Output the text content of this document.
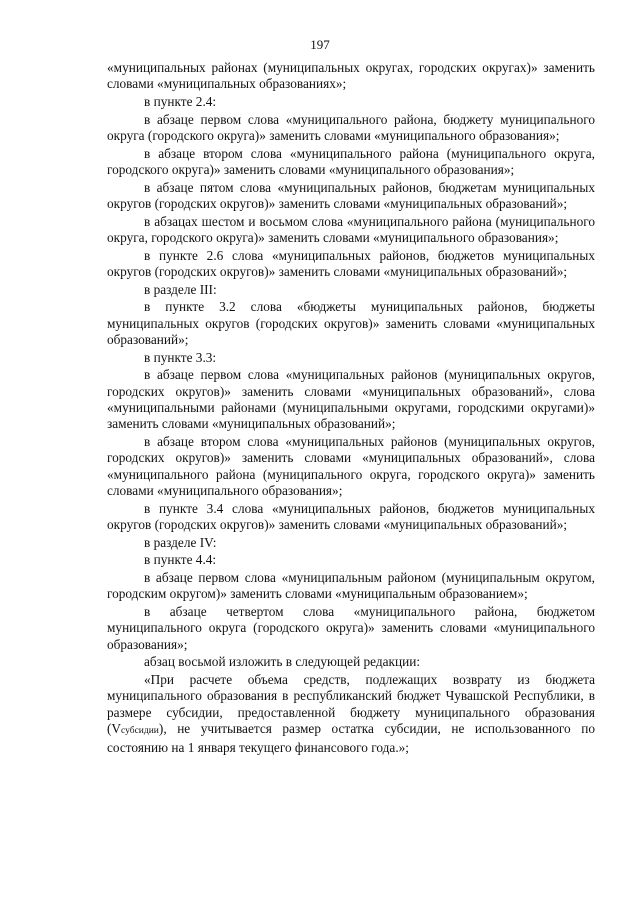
197

«муниципальных районах (муниципальных округах, городских округах)» заменить словами «муниципальных образованиях»;

в пункте 2.4:

в абзаце первом слова «муниципального района, бюджету муниципального округа (городского округа)» заменить словами «муниципального образования»;

в абзаце втором слова «муниципального района (муниципального округа, городского округа)» заменить словами «муниципального образования»;

в абзаце пятом слова «муниципальных районов, бюджетам муниципальных округов (городских округов)» заменить словами «муниципальных образований»;

в абзацах шестом и восьмом слова «муниципального района (муниципального округа, городского округа)» заменить словами «муниципального образования»;

в пункте 2.6 слова «муниципальных районов, бюджетов муниципальных округов (городских округов)» заменить словами «муниципальных образований»;

в разделе III:

в пункте 3.2 слова «бюджеты муниципальных районов, бюджеты муниципальных округов (городских округов)» заменить словами «муниципальных образований»;

в пункте 3.3:

в абзаце первом слова «муниципальных районов (муниципальных округов, городских округов)» заменить словами «муниципальных образований», слова «муниципальными районами (муниципальными округами, городскими округами)» заменить словами «муниципальных образований»;

в абзаце втором слова «муниципальных районов (муниципальных округов, городских округов)» заменить словами «муниципальных образований», слова «муниципального района (муниципального округа, городского округа)» заменить словами «муниципального образования»;

в пункте 3.4 слова «муниципальных районов, бюджетов муниципальных округов (городских округов)» заменить словами «муниципальных образований»;

в разделе IV:

в пункте 4.4:

в абзаце первом слова «муниципальным районом (муниципальным округом, городским округом)» заменить словами «муниципальным образованием»;

в абзаце четвертом слова «муниципального района, бюджетом муниципального округа (городского округа)» заменить словами «муниципального образования»;

абзац восьмой изложить в следующей редакции:

«При расчете объема средств, подлежащих возврату из бюджета муниципального образования в республиканский бюджет Чувашской Республики, в размере субсидии, предоставленной бюджету муниципального образования (Vсубсидии), не учитывается размер остатка субсидии, не использованного по состоянию на 1 января текущего финансового года.»;
